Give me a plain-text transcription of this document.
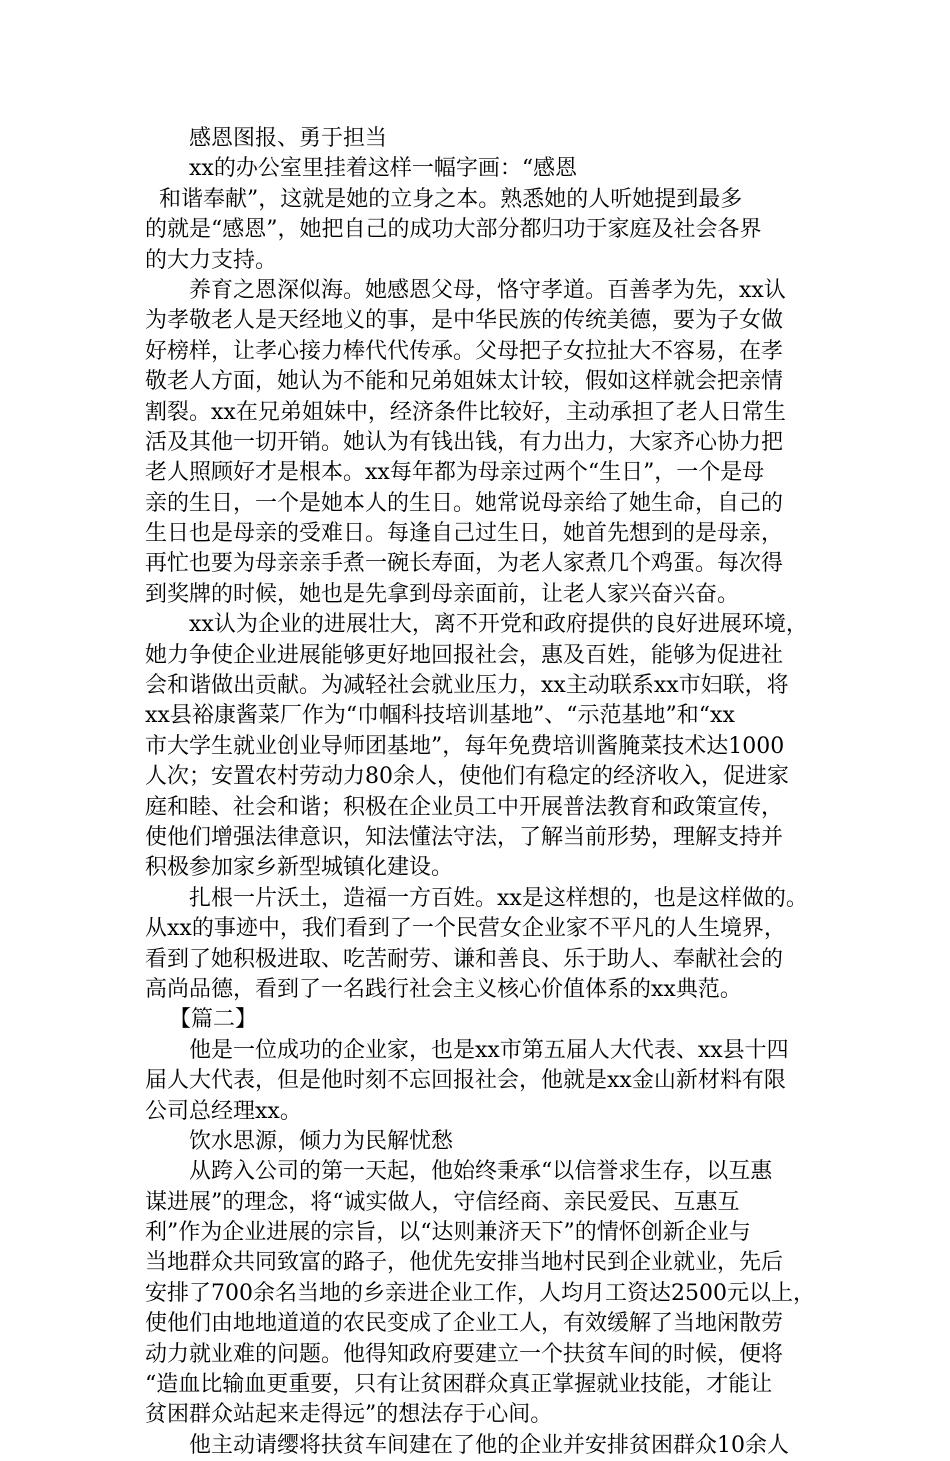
感恩图报、勇于担当
xx的办公室里挂着这样一幅字画：“感恩
和谐奉献”，这就是她的立身之本。熟悉她的人听她提到最多
的就是“感恩”，她把自己的成功大部分都归功于家庭及社会各界
的大力支持。
养育之恩深似海。她感恩父母，恪守孝道。百善孝为先，xx认
为孝敬老人是天经地义的事，是中华民族的传统美德，要为子女做
好榜样，让孝心接力棒代代传承。父母把子女拉扯大不容易，在孝
敬老人方面，她认为不能和兄弟姐妹太计较，假如这样就会把亲情
割裂。xx在兄弟姐妹中，经济条件比较好，主动承担了老人日常生
活及其他一切开销。她认为有钱出钱，有力出力，大家齐心协力把
老人照顾好才是根本。xx每年都为母亲过两个“生日”，一个是母
亲的生日，一个是她本人的生日。她常说母亲给了她生命，自己的
生日也是母亲的受难日。每逢自己过生日，她首先想到的是母亲，
再忙也要为母亲亲手煮一碗长寿面，为老人家煮几个鸡蛋。每次得
到奖牌的时候，她也是先拿到母亲面前，让老人家兴奋兴奋。
xx认为企业的进展壮大，离不开党和政府提供的良好进展环境，
她力争使企业进展能够更好地回报社会，惠及百姓，能够为促进社
会和谐做出贡献。为减轻社会就业压力，xx主动联系xx市妇联，将
xx县裕康酱菜厂作为“巾帼科技培训基地”、“示范基地”和“xx
市大学生就业创业导师团基地”，每年免费培训酱腌菜技术达1000
人次；安置农村劳动力80余人，使他们有稳定的经济收入，促进家
庭和睦、社会和谐；积极在企业员工中开展普法教育和政策宣传，
使他们增强法律意识，知法懂法守法，了解当前形势，理解支持并
积极参加家乡新型城镇化建设。
扎根一片沃土，造福一方百姓。xx是这样想的，也是这样做的。
从xx的事迹中，我们看到了一个民营女企业家不平凡的人生境界，
看到了她积极进取、吃苦耐劳、谦和善良、乐于助人、奉献社会的
高尚品德，看到了一名践行社会主义核心价值体系的xx典范。
【篇二】
他是一位成功的企业家，也是xx市第五届人大代表、xx县十四
届人大代表，但是他时刻不忘回报社会，他就是xx金山新材料有限
公司总经理xx。
饮水思源，倾力为民解忧愁
从跨入公司的第一天起，他始终秉承“以信誉求生存，以互惠
谋进展”的理念，将“诚实做人，守信经商、亲民爱民、互惠互
利”作为企业进展的宗旨，以“达则兼济天下”的情怀创新企业与
当地群众共同致富的路子，他优先安排当地村民到企业就业，先后
安排了700余名当地的乡亲进企业工作，人均月工资达2500元以上，
使他们由地地道道的农民变成了企业工人，有效缓解了当地闲散劳
动力就业难的问题。他得知政府要建立一个扶贫车间的时候，便将
“造血比输血更重要，只有让贫困群众真正掌握就业技能，才能让
贫困群众站起来走得远”的想法存于心间。
他主动请缨将扶贫车间建在了他的企业并安排贫困群众10余人
